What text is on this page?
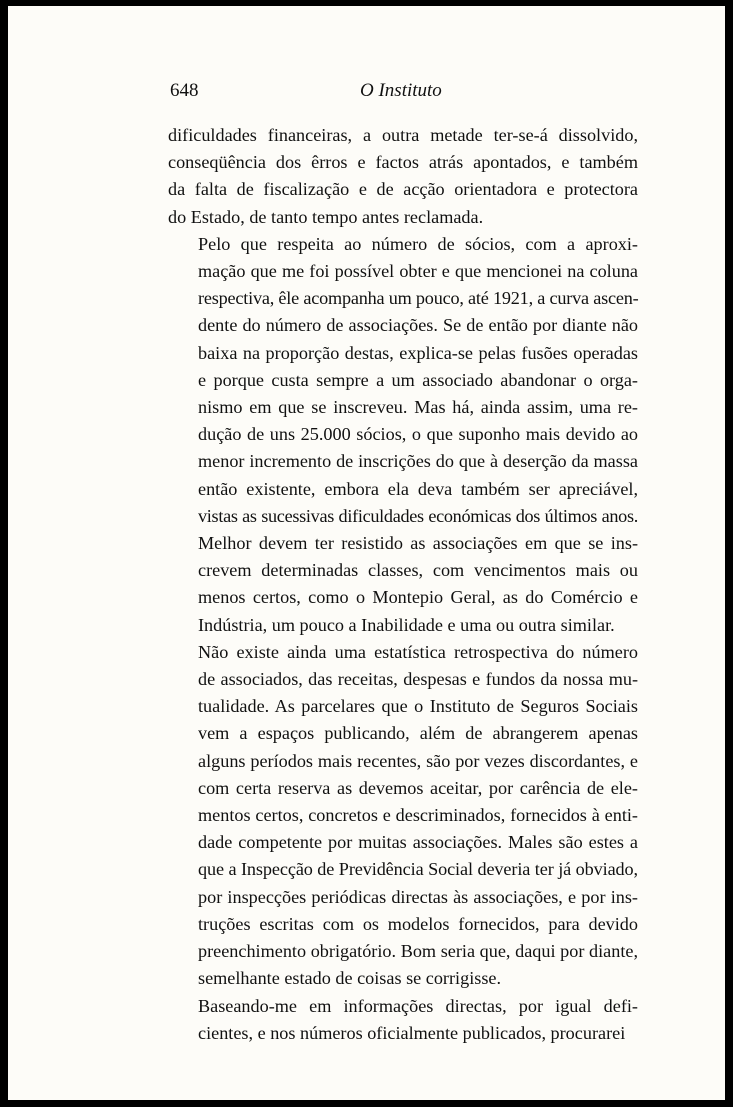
648	O Instituto

dificuldades financeiras, a outra metade ter-se-á dissolvido,
conseqüência dos êrros e factos atrás apontados, e também
da falta de fiscalização e de acção orientadora e protectora
do Estado, de tanto tempo antes reclamada.

Pelo que respeita ao número de sócios, com a aproxi-
mação que me foi possível obter e que mencionei na coluna
respectiva, êle acompanha um pouco, até 1921, a curva ascen-
dente do número de associações. Se de então por diante não
baixa na proporção destas, explica-se pelas fusões operadas
e porque custa sempre a um associado abandonar o orga-
nismo em que se inscreveu. Mas há, ainda assim, uma re-
dução de uns 25.000 sócios, o que suponho mais devido ao
menor incremento de inscrições do que à deserção da massa
então existente, embora ela deva também ser apreciável,
vistas as sucessivas dificuldades económicas dos últimos anos.
Melhor devem ter resistido as associações em que se ins-
crevem determinadas classes, com vencimentos mais ou
menos certos, como o Montepio Geral, as do Comércio e
Indústria, um pouco a Inabilidade e uma ou outra similar.

Não existe ainda uma estatística retrospectiva do número
de associados, das receitas, despesas e fundos da nossa mu-
tualidade. As parcelares que o Instituto de Seguros Sociais
vem a espaços publicando, além de abrangerem apenas
alguns períodos mais recentes, são por vezes discordantes, e
com certa reserva as devemos aceitar, por carência de ele-
mentos certos, concretos e descriminados, fornecidos à enti-
dade competente por muitas associações. Males são estes a
que a Inspecção de Previdência Social deveria ter já obviado,
por inspecções periódicas directas às associações, e por ins-
truções escritas com os modelos fornecidos, para devido
preenchimento obrigatório. Bom seria que, daqui por diante,
semelhante estado de coisas se corrigisse.

Baseando-me em informações directas, por igual defi-
cientes, e nos números oficialmente publicados, procurarei
